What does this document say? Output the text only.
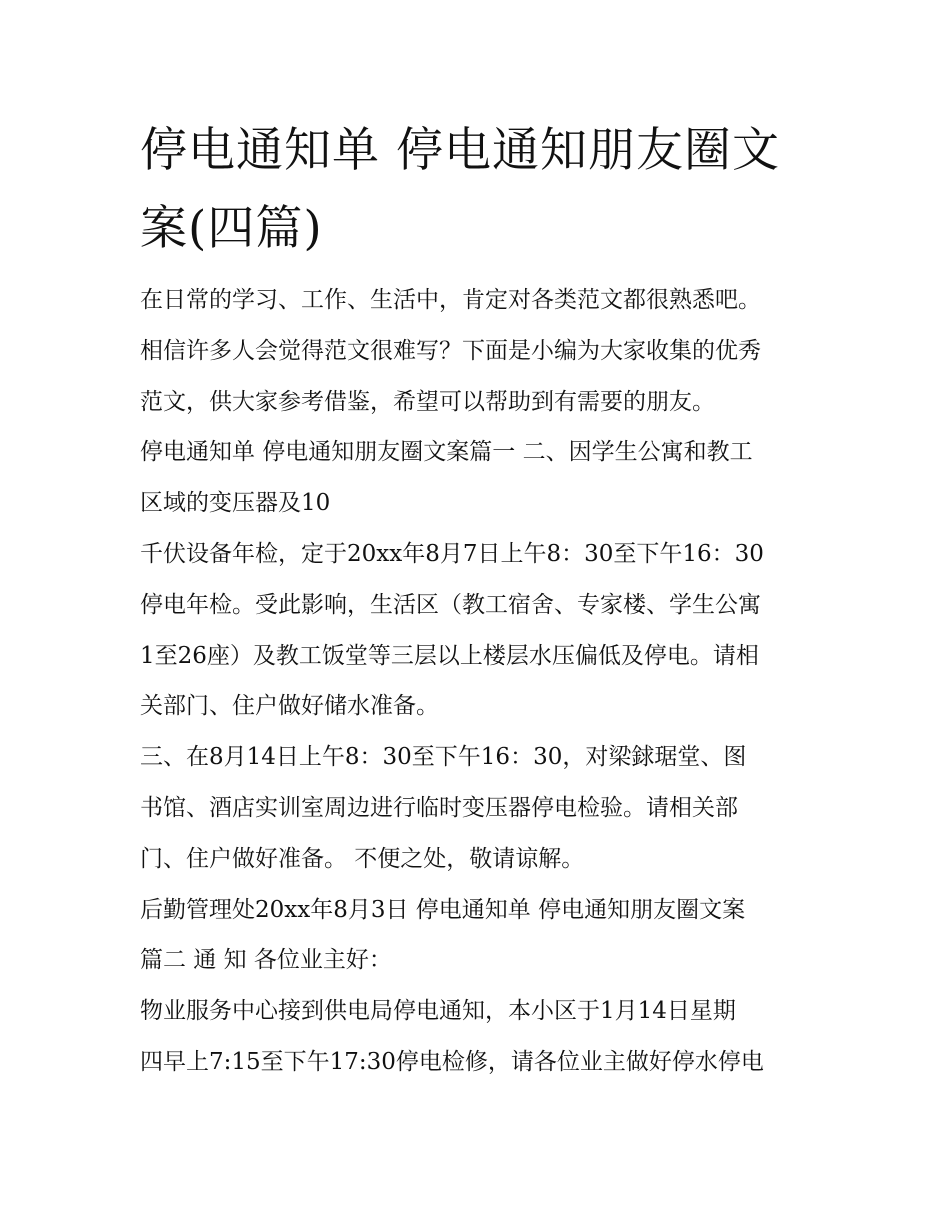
停电通知单 停电通知朋友圈文
案(四篇)
在日常的学习、工作、生活中，肯定对各类范文都很熟悉吧。
相信许多人会觉得范文很难写？下面是小编为大家收集的优秀
范文，供大家参考借鉴，希望可以帮助到有需要的朋友。
停电通知单 停电通知朋友圈文案篇一 二、因学生公寓和教工
区域的变压器及10
千伏设备年检，定于20xx年8月7日上午8：30至下午16：30
停电年检。受此影响，生活区（教工宿舍、专家楼、学生公寓
1至26座）及教工饭堂等三层以上楼层水压偏低及停电。请相
关部门、住户做好储水准备。
三、在8月14日上午8：30至下午16：30，对梁銶琚堂、图
书馆、酒店实训室周边进行临时变压器停电检验。请相关部
门、住户做好准备。 不便之处，敬请谅解。
后勤管理处20xx年8月3日 停电通知单 停电通知朋友圈文案
篇二 通 知 各位业主好：
物业服务中心接到供电局停电通知，本小区于1月14日星期
四早上7:15至下午17:30停电检修，请各位业主做好停水停电
